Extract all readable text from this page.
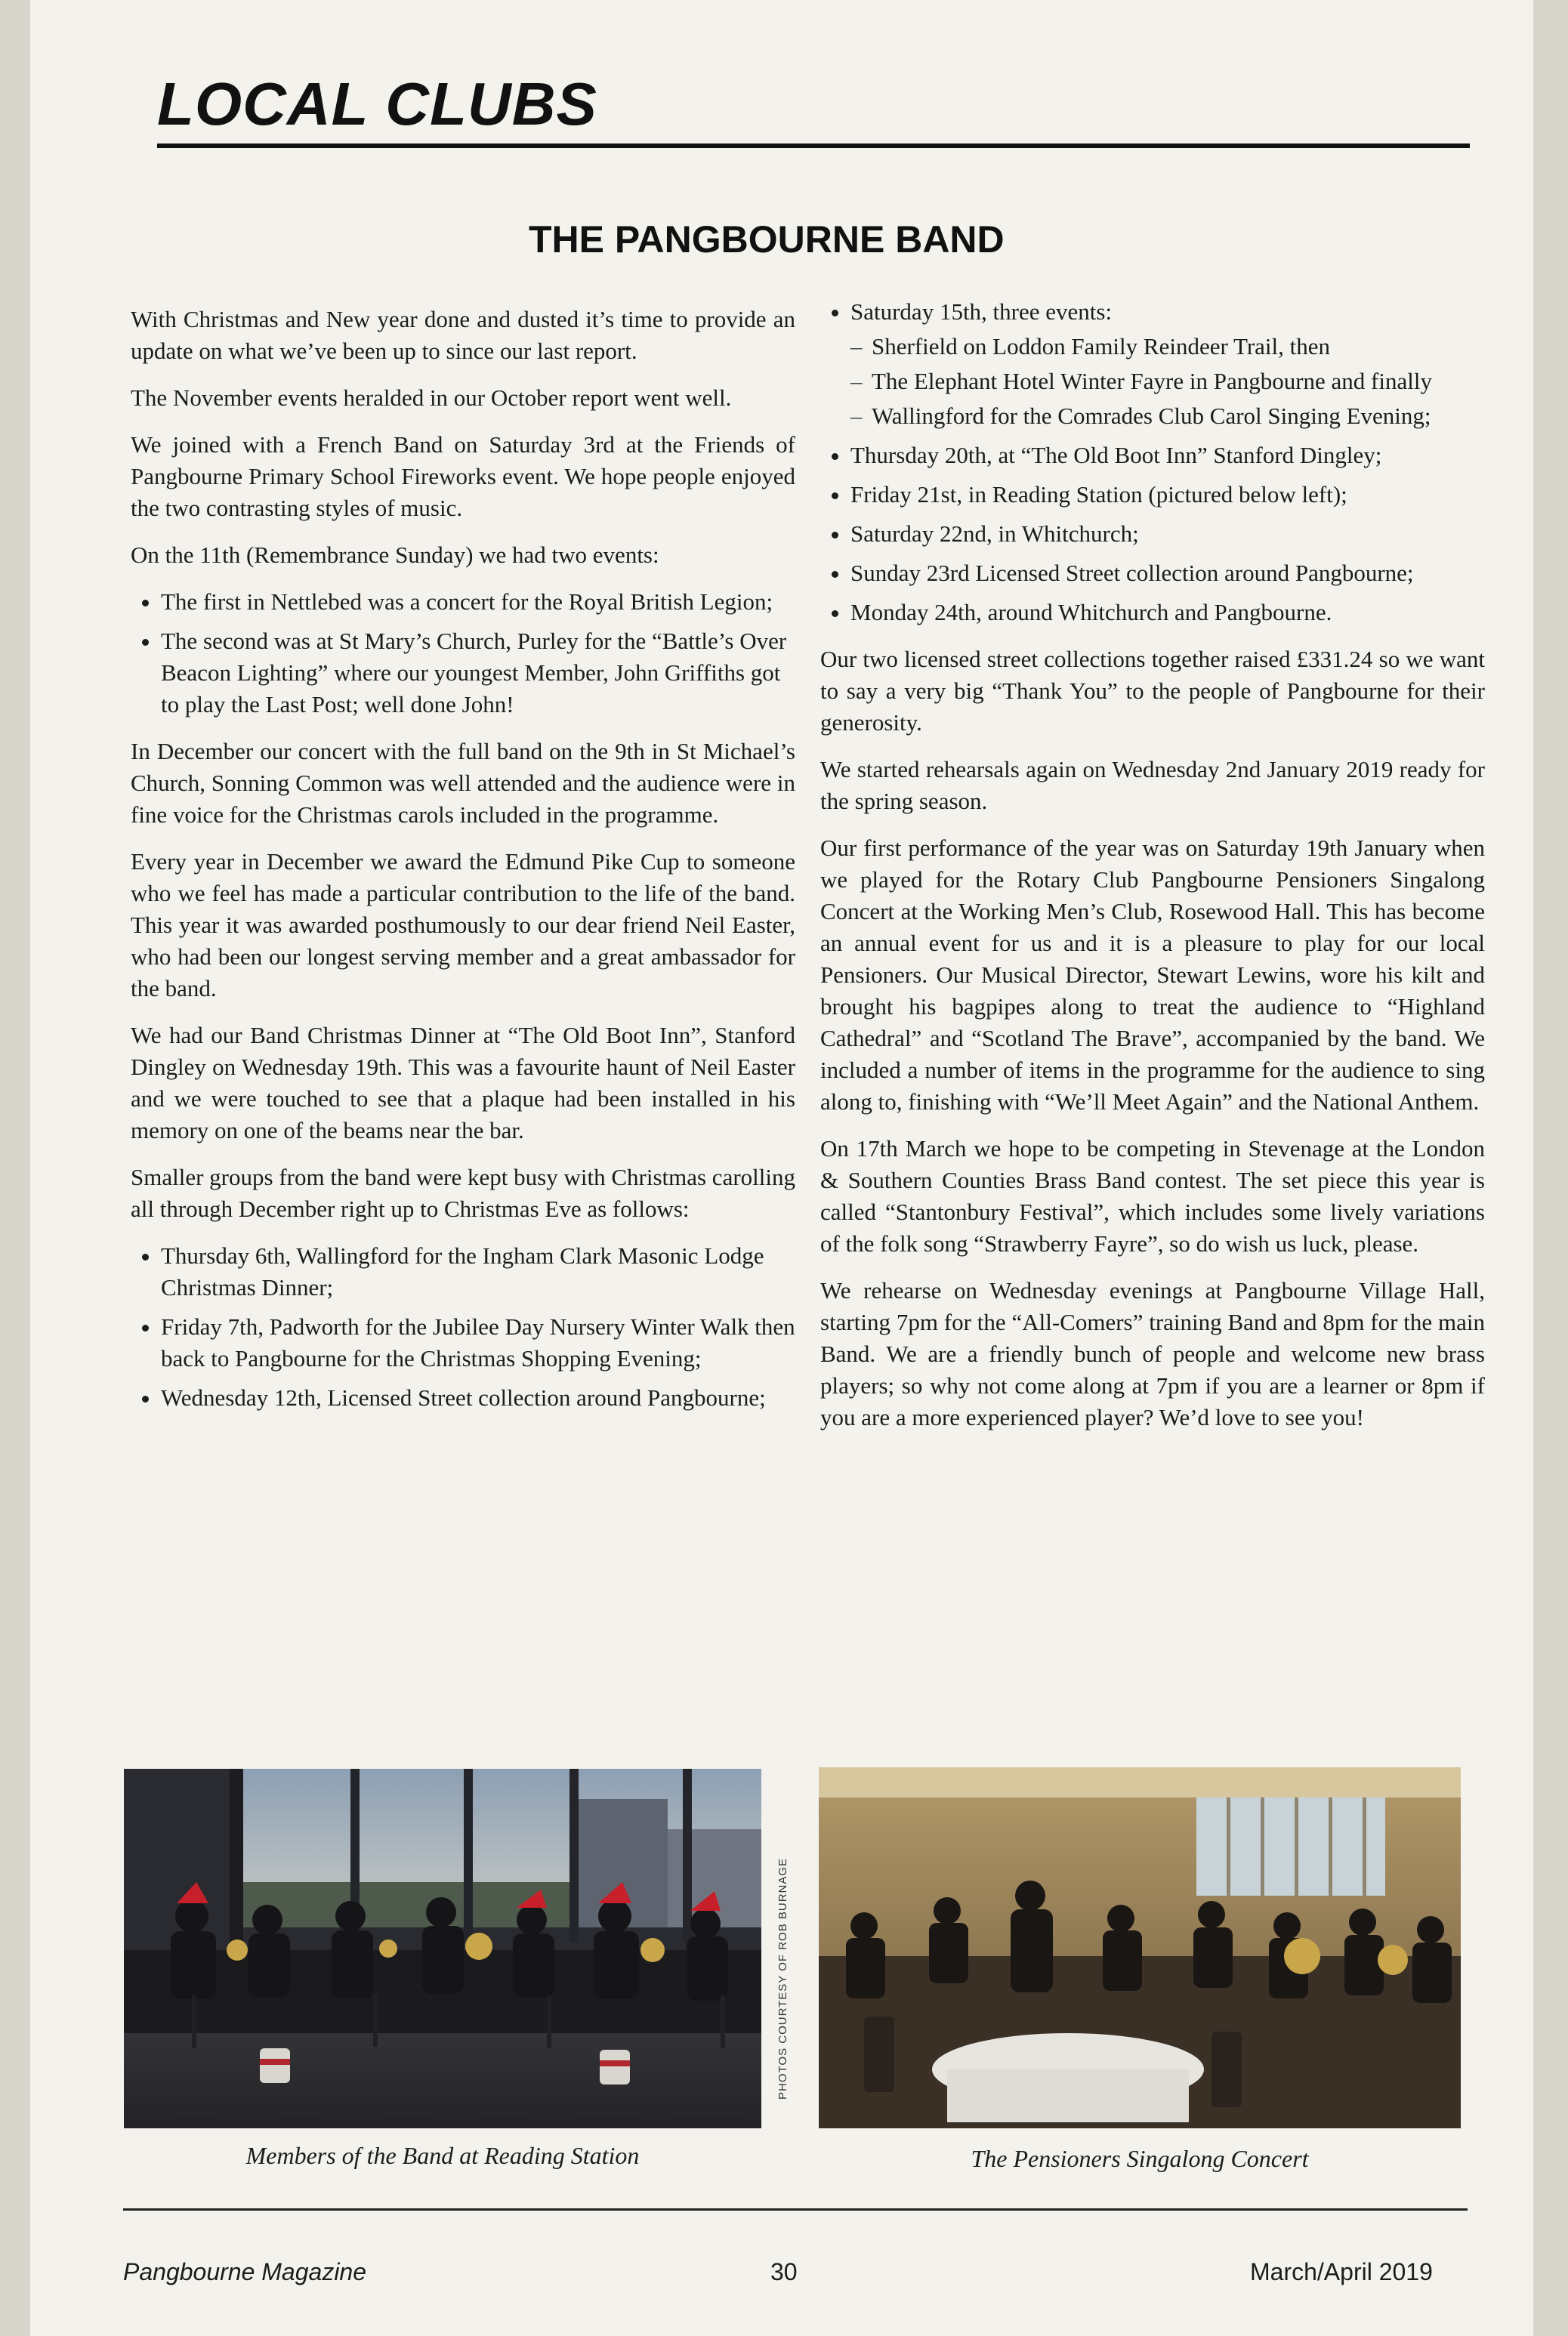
LOCAL CLUBS
THE PANGBOURNE BAND

With Christmas and New year done and dusted it’s time to provide an update on what we’ve been up to since our last report.

The November events heralded in our October report went well.

We joined with a French Band on Saturday 3rd at the Friends of Pangbourne Primary School Fireworks event. We hope people enjoyed the two contrasting styles of music.

On the 11th (Remembrance Sunday) we had two events:

• The first in Nettlebed was a concert for the Royal British Legion;
• The second was at St Mary’s Church, Purley for the “Battle’s Over Beacon Lighting” where our youngest Member, John Griffiths got to play the Last Post; well done John!

In December our concert with the full band on the 9th in St Michael’s Church, Sonning Common was well attended and the audience were in fine voice for the Christmas carols included in the programme.

Every year in December we award the Edmund Pike Cup to someone who we feel has made a particular contribution to the life of the band. This year it was awarded posthumously to our dear friend Neil Easter, who had been our longest serving member and a great ambassador for the band.

We had our Band Christmas Dinner at “The Old Boot Inn”, Stanford Dingley on Wednesday 19th. This was a favourite haunt of Neil Easter and we were touched to see that a plaque had been installed in his memory on one of the beams near the bar.

Smaller groups from the band were kept busy with Christmas carolling all through December right up to Christmas Eve as follows:

• Thursday 6th, Wallingford for the Ingham Clark Masonic Lodge Christmas Dinner;
• Friday 7th, Padworth for the Jubilee Day Nursery Winter Walk then back to Pangbourne for the Christmas Shopping Evening;
• Wednesday 12th, Licensed Street collection around Pangbourne;
• Saturday 15th, three events:
– Sherfield on Loddon Family Reindeer Trail, then
– The Elephant Hotel Winter Fayre in Pangbourne and finally
– Wallingford for the Comrades Club Carol Singing Evening;
• Thursday 20th, at “The Old Boot Inn” Stanford Dingley;
• Friday 21st, in Reading Station (pictured below left);
• Saturday 22nd, in Whitchurch;
• Sunday 23rd Licensed Street collection around Pangbourne;
• Monday 24th, around Whitchurch and Pangbourne.

Our two licensed street collections together raised £331.24 so we want to say a very big “Thank You” to the people of Pangbourne for their generosity.

We started rehearsals again on Wednesday 2nd January 2019 ready for the spring season.

Our first performance of the year was on Saturday 19th January when we played for the Rotary Club Pangbourne Pensioners Singalong Concert at the Working Men’s Club, Rosewood Hall. This has become an annual event for us and it is a pleasure to play for our local Pensioners. Our Musical Director, Stewart Lewins, wore his kilt and brought his bagpipes along to treat the audience to “Highland Cathedral” and “Scotland The Brave”, accompanied by the band. We included a number of items in the programme for the audience to sing along to, finishing with “We’ll Meet Again” and the National Anthem.

On 17th March we hope to be competing in Stevenage at the London & Southern Counties Brass Band contest. The set piece this year is called “Stantonbury Festival”, which includes some lively variations of the folk song “Strawberry Fayre”, so do wish us luck, please.

We rehearse on Wednesday evenings at Pangbourne Village Hall, starting 7pm for the “All-Comers” training Band and 8pm for the main Band. We are a friendly bunch of people and welcome new brass players; so why not come along at 7pm if you are a learner or 8pm if you are a more experienced player? We’d love to see you!

PHOTOS COURTESY OF ROB BURNAGE
Members of the Band at Reading Station	The Pensioners Singalong Concert
Pangbourne Magazine	30	March/April 2019
